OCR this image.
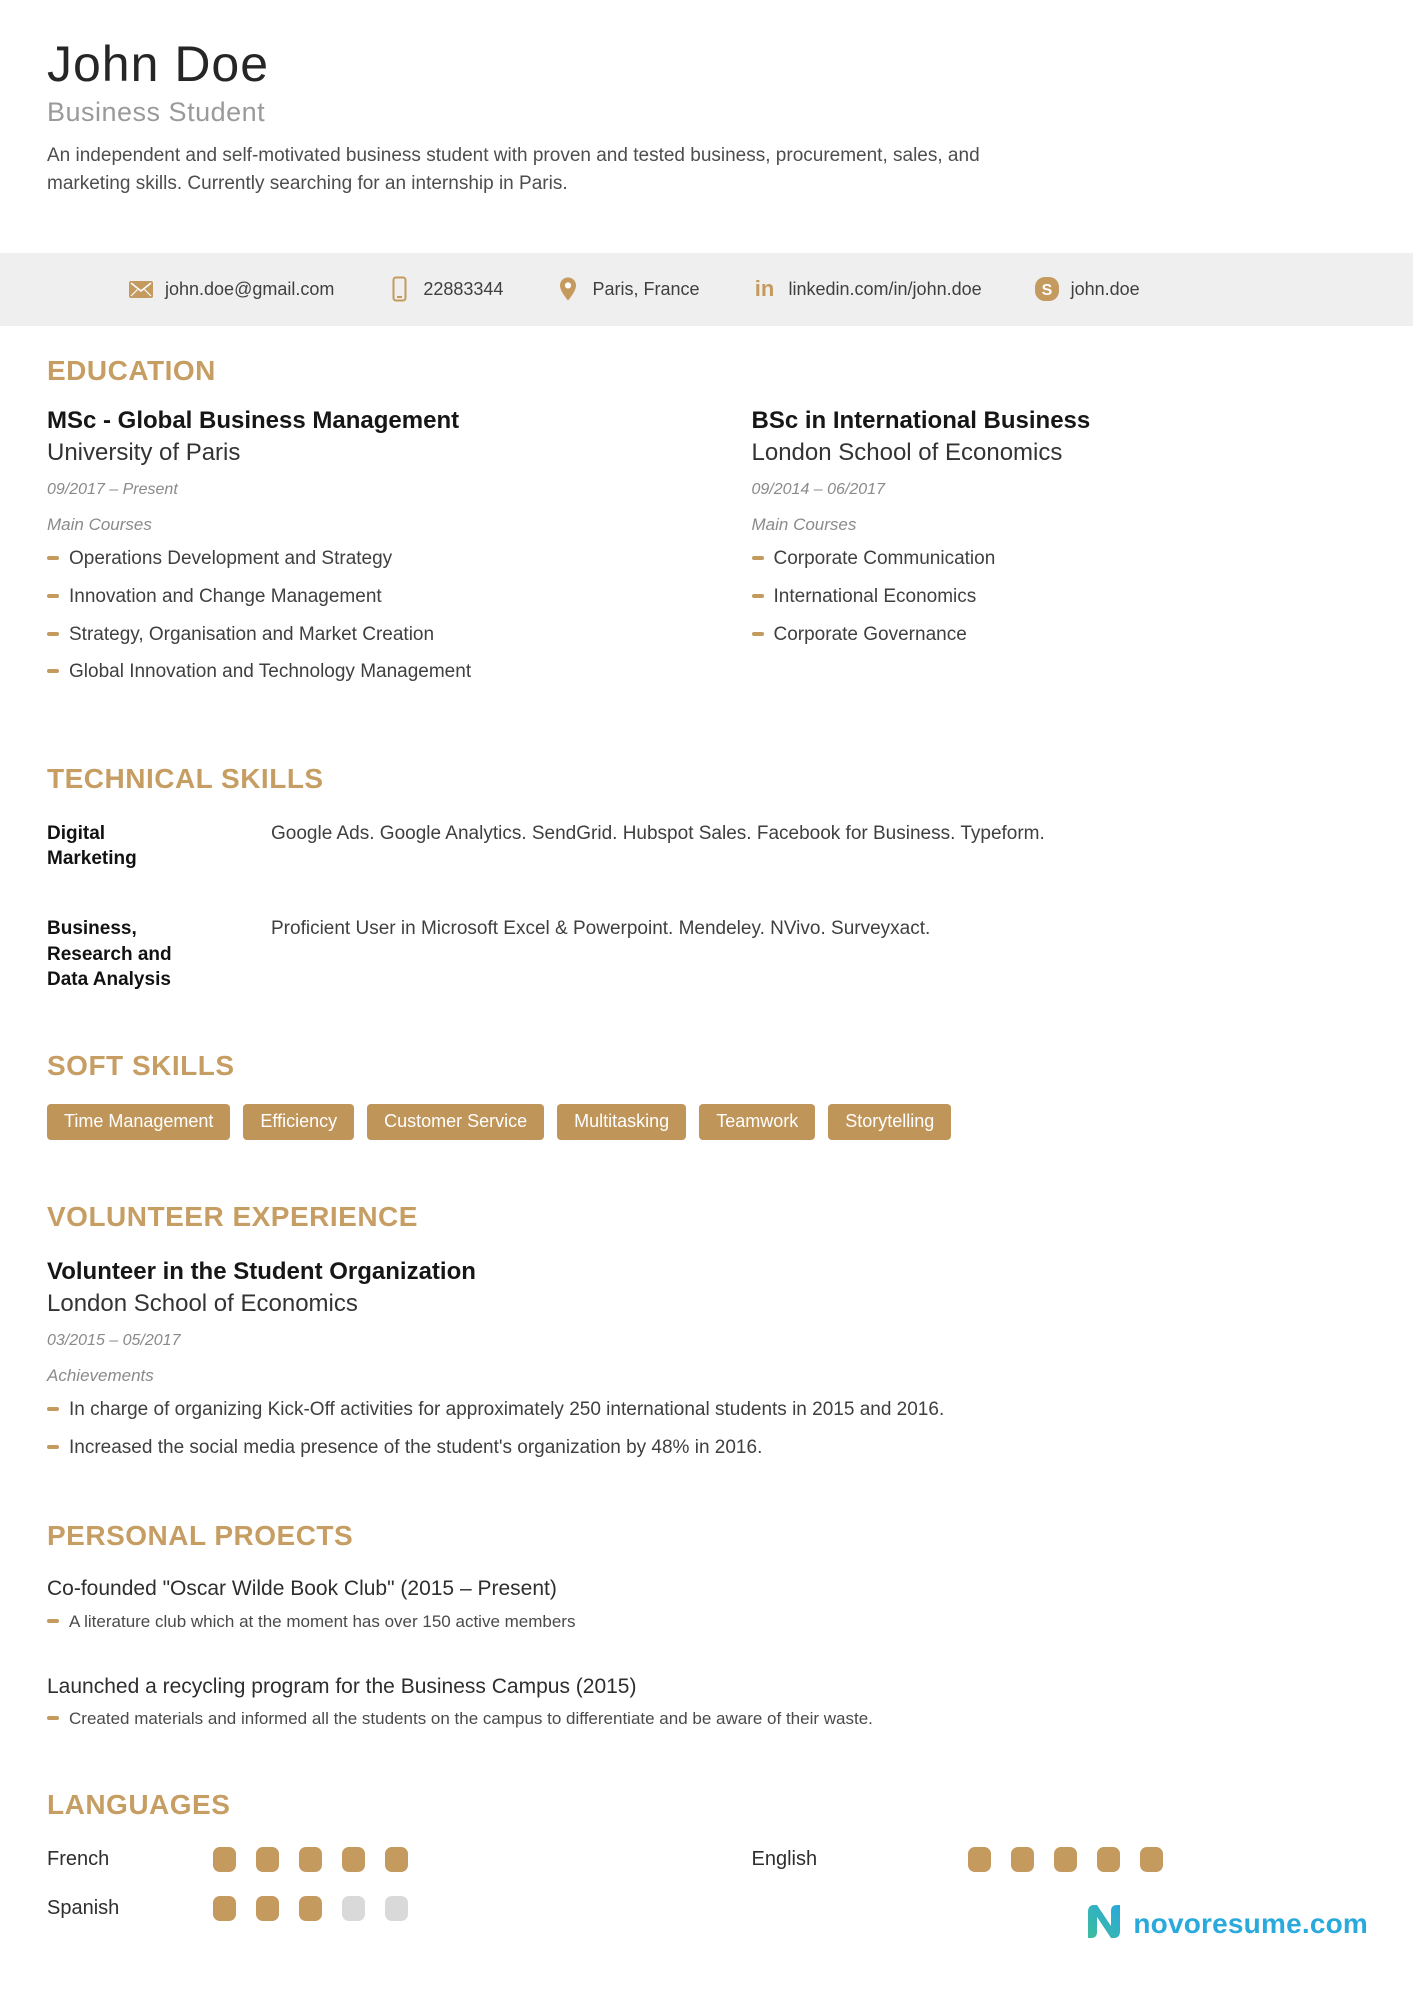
John Doe
Business Student
An independent and self-motivated business student with proven and tested business, procurement, sales, and marketing skills. Currently searching for an internship in Paris.
john.doe@gmail.com	22883344	Paris, France	in linkedin.com/in/john.doe	S john.doe
EDUCATION
MSc - Global Business Management
University of Paris
09/2017 – Present
Main Courses
Operations Development and Strategy
Innovation and Change Management
Strategy, Organisation and Market Creation
Global Innovation and Technology Management
BSc in International Business
London School of Economics
09/2014 – 06/2017
Main Courses
Corporate Communication
International Economics
Corporate Governance
TECHNICAL SKILLS
Digital Marketing
Google Ads. Google Analytics. SendGrid. Hubspot Sales. Facebook for Business. Typeform.
Business, Research and Data Analysis
Proficient User in Microsoft Excel & Powerpoint. Mendeley. NVivo. Surveyxact.
SOFT SKILLS
Time Management	Efficiency	Customer Service	Multitasking	Teamwork	Storytelling
VOLUNTEER EXPERIENCE
Volunteer in the Student Organization
London School of Economics
03/2015 – 05/2017
Achievements
In charge of organizing Kick-Off activities for approximately 250 international students in 2015 and 2016.
Increased the social media presence of the student's organization by 48% in 2016.
PERSONAL PROECTS
Co-founded "Oscar Wilde Book Club" (2015 – Present)
A literature club which at the moment has over 150 active members
Launched a recycling program for the Business Campus (2015)
Created materials and informed all the students on the campus to differentiate and be aware of their waste.
LANGUAGES
French
Spanish
English
novoresume.com
